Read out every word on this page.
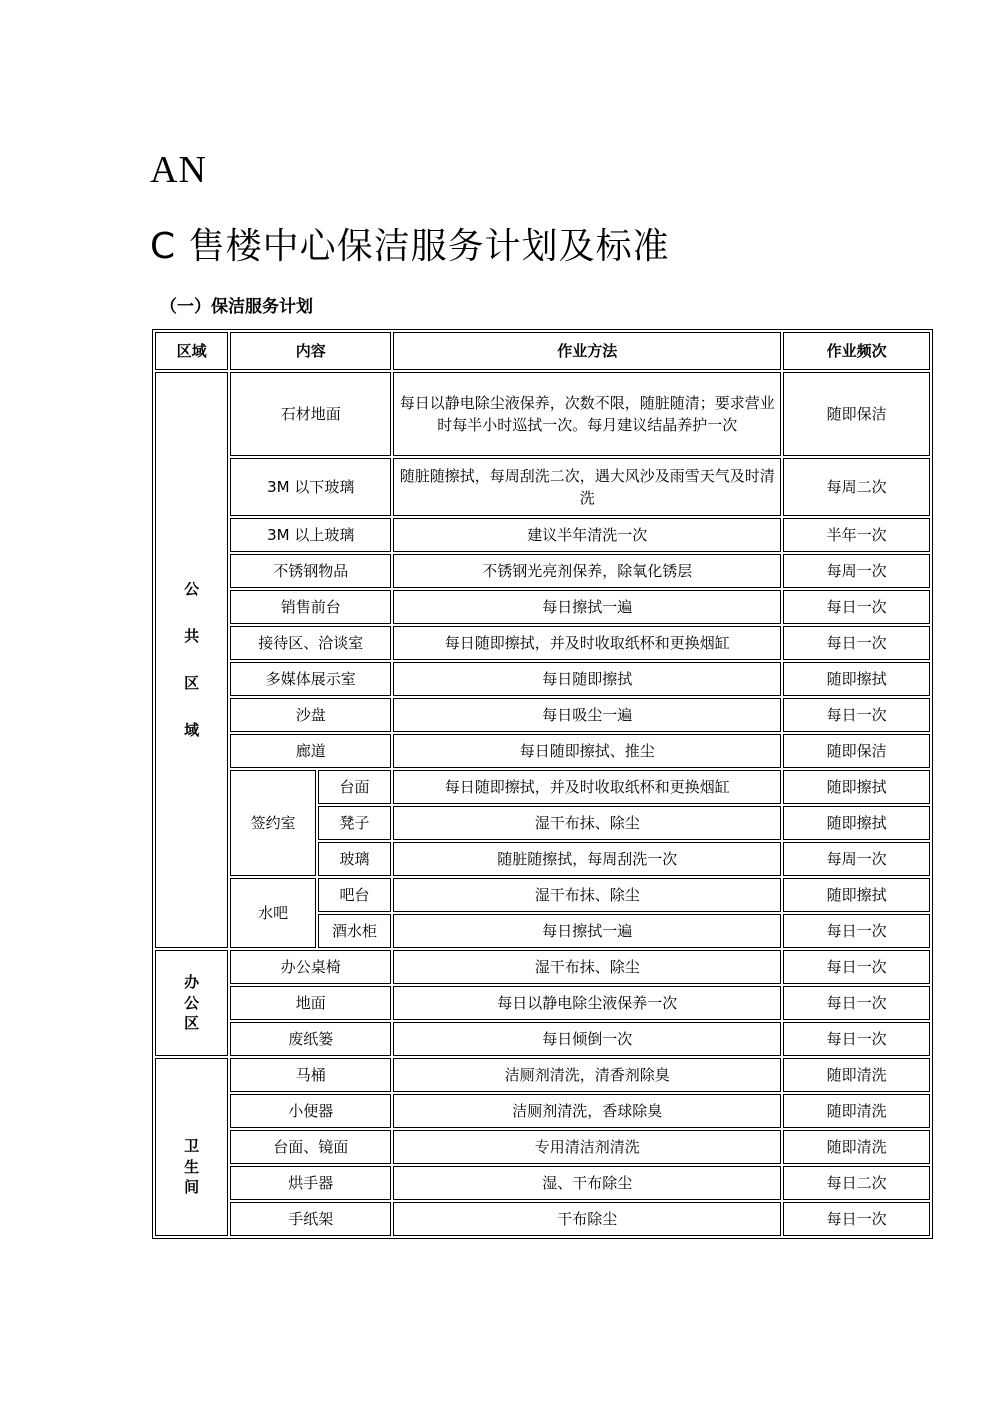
AN
C 售楼中心保洁服务计划及标准
（一）保洁服务计划
区域	内容		作业方法	作业频次
公
共
区
域	石材地面		每日以静电除尘液保养，次数不限，随脏随清；要求营业时每半小时巡拭一次。每月建议结晶养护一次	随即保洁
	3M 以下玻璃		随脏随擦拭，每周刮洗二次，遇大风沙及雨雪天气及时清洗	每周二次
	3M 以上玻璃		建议半年清洗一次	半年一次
	不锈钢物品		不锈钢光亮剂保养，除氧化锈层	每周一次
	销售前台		每日擦拭一遍	每日一次
	接待区、洽谈室		每日随即擦拭，并及时收取纸杯和更换烟缸	每日一次
	多媒体展示室		每日随即擦拭	随即擦拭
	沙盘		每日吸尘一遍	每日一次
	廊道		每日随即擦拭、推尘	随即保洁
	签约室	台面	每日随即擦拭，并及时收取纸杯和更换烟缸	随即擦拭
		凳子	湿干布抹、除尘	随即擦拭
		玻璃	随脏随擦拭，每周刮洗一次	每周一次
	水吧	吧台	湿干布抹、除尘	随即擦拭
		酒水柜	每日擦拭一遍	每日一次
办
公
区	办公桌椅		湿干布抹、除尘	每日一次
	地面		每日以静电除尘液保养一次	每日一次
	废纸篓		每日倾倒一次	每日一次
卫
生
间	马桶		洁厕剂清洗，清香剂除臭	随即清洗
	小便器		洁厕剂清洗，香球除臭	随即清洗
	台面、镜面		专用清洁剂清洗	随即清洗
	烘手器		湿、干布除尘	每日二次
	手纸架		干布除尘	每日一次
